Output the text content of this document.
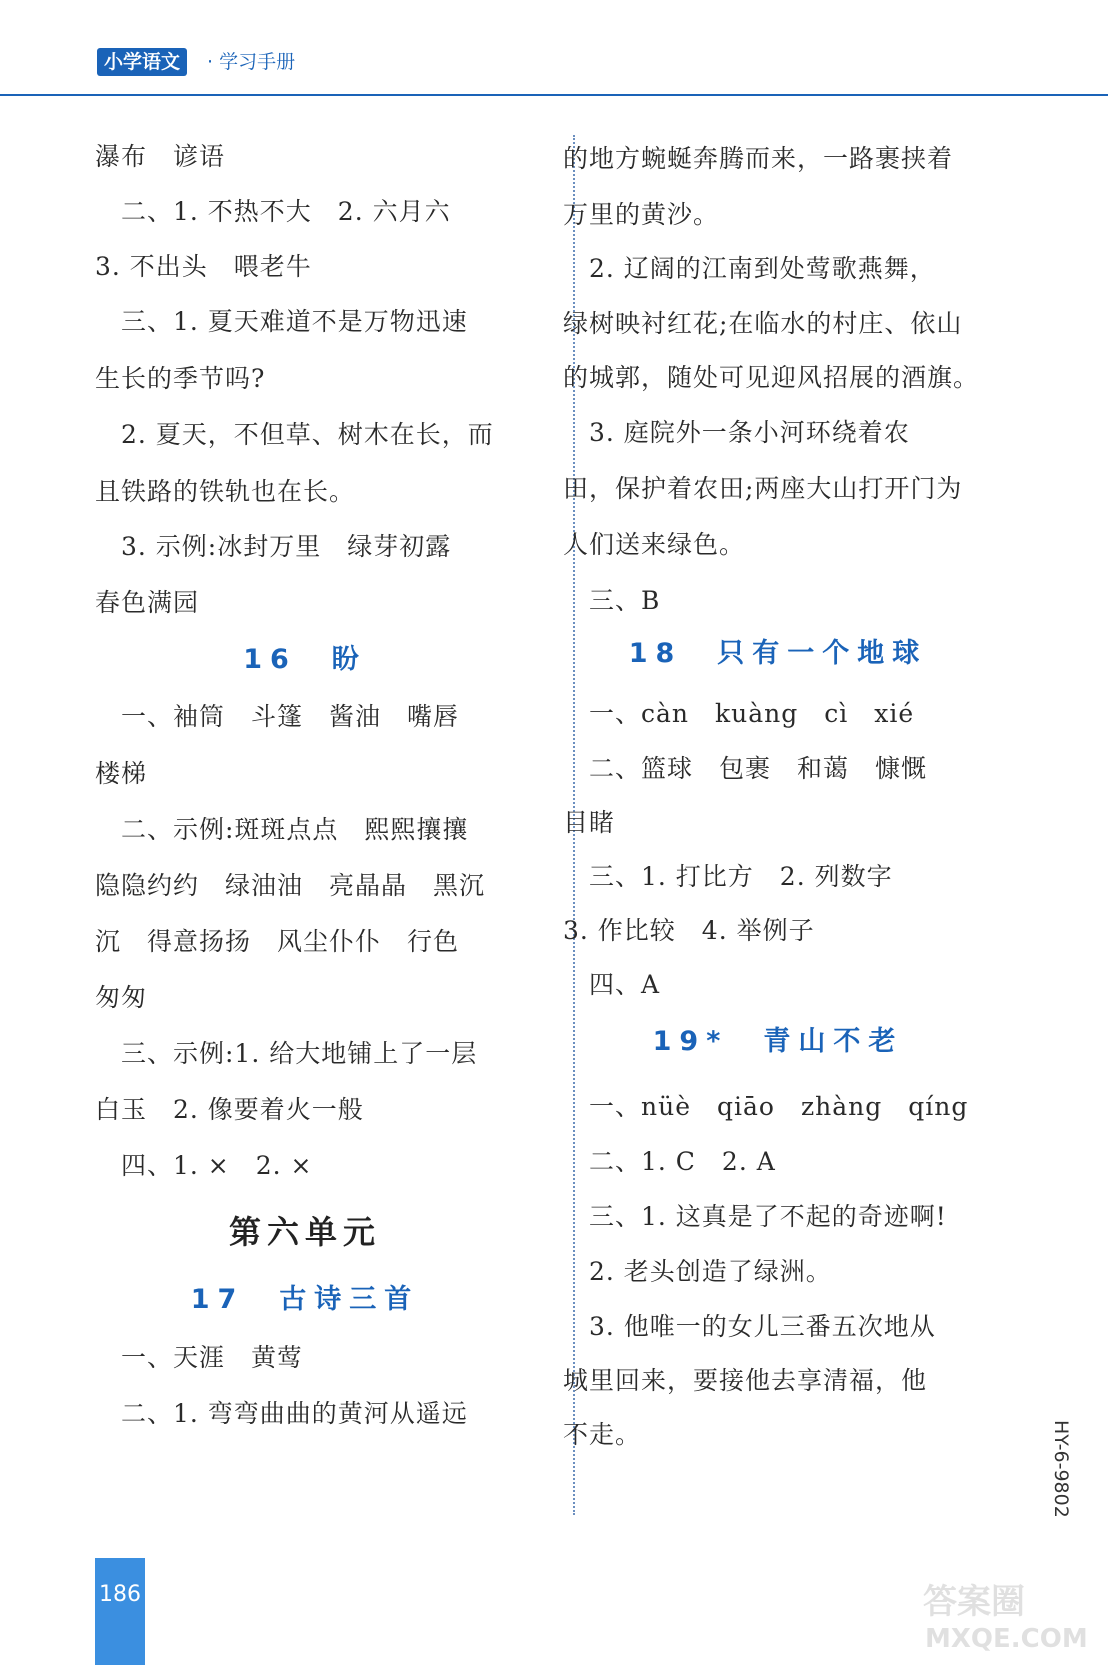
小学语文	· 学习手册
瀑布　谚语
　二、1. 不热不大　2. 六月六
3. 不出头　喂老牛
　三、1. 夏天难道不是万物迅速
生长的季节吗?
　2. 夏天，不但草、树木在长，而
且铁路的铁轨也在长。
　3. 示例:冰封万里　绿芽初露
春色满园
16　盼
　一、袖筒　斗篷　酱油　嘴唇
楼梯
　二、示例:斑斑点点　熙熙攘攘
隐隐约约　绿油油　亮晶晶　黑沉
沉　得意扬扬　风尘仆仆　行色
匆匆
　三、示例:1. 给大地铺上了一层
白玉　2. 像要着火一般
　四、1. ×　2. ×
第六单元
17　古诗三首
　一、天涯　黄莺
　二、1. 弯弯曲曲的黄河从遥远
的地方蜿蜒奔腾而来，一路裹挟着
万里的黄沙。
　2. 辽阔的江南到处莺歌燕舞，
绿树映衬红花;在临水的村庄、依山
的城郭，随处可见迎风招展的酒旗。
　3. 庭院外一条小河环绕着农
田，保护着农田;两座大山打开门为
人们送来绿色。
　三、B
18　只有一个地球
　一、càn　kuàng　cì　xié
　二、篮球　包裹　和蔼　慷慨
目睹
　三、1. 打比方　2. 列数字
3. 作比较　4. 举例子
　四、A
19*　青山不老
　一、nüè　qiāo　zhàng　qíng
　二、1. C　2. A
　三、1. 这真是了不起的奇迹啊!
　2. 老头创造了绿洲。
　3. 他唯一的女儿三番五次地从
城里回来，要接他去享清福，他
不走。
186
HY-6-9802
答案圈
MXQE.COM
